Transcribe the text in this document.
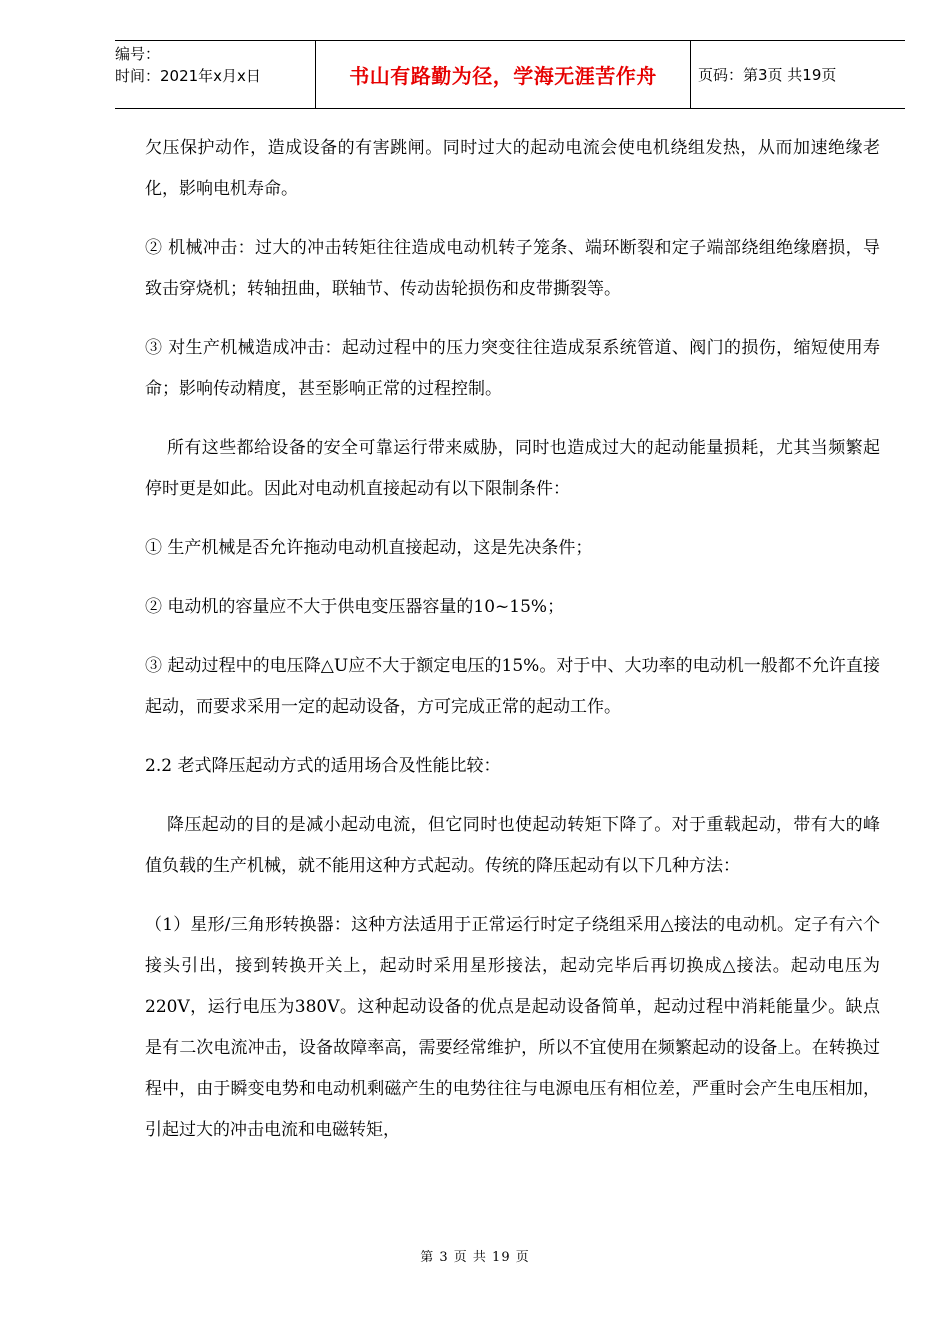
编号：
时间：2021年x月x日	书山有路勤为径，学海无涯苦作舟	页码：第3页 共19页

欠压保护动作，造成设备的有害跳闸。同时过大的起动电流会使电机绕组发热，从而加速绝缘老化，影响电机寿命。

② 机械冲击：过大的冲击转矩往往造成电动机转子笼条、端环断裂和定子端部绕组绝缘磨损，导致击穿烧机；转轴扭曲，联轴节、传动齿轮损伤和皮带撕裂等。

③ 对生产机械造成冲击：起动过程中的压力突变往往造成泵系统管道、阀门的损伤，缩短使用寿命；影响传动精度，甚至影响正常的过程控制。

所有这些都给设备的安全可靠运行带来威胁，同时也造成过大的起动能量损耗，尤其当频繁起停时更是如此。因此对电动机直接起动有以下限制条件：

① 生产机械是否允许拖动电动机直接起动，这是先决条件；

② 电动机的容量应不大于供电变压器容量的10~15%；

③ 起动过程中的电压降△U应不大于额定电压的15%。对于中、大功率的电动机一般都不允许直接起动，而要求采用一定的起动设备，方可完成正常的起动工作。

2.2 老式降压起动方式的适用场合及性能比较：

降压起动的目的是减小起动电流，但它同时也使起动转矩下降了。对于重载起动，带有大的峰值负载的生产机械，就不能用这种方式起动。传统的降压起动有以下几种方法：

（1）星形/三角形转换器：这种方法适用于正常运行时定子绕组采用△接法的电动机。定子有六个接头引出，接到转换开关上，起动时采用星形接法，起动完毕后再切换成△接法。起动电压为220V，运行电压为380V。这种起动设备的优点是起动设备简单，起动过程中消耗能量少。缺点是有二次电流冲击，设备故障率高，需要经常维护，所以不宜使用在频繁起动的设备上。在转换过程中，由于瞬变电势和电动机剩磁产生的电势往往与电源电压有相位差，严重时会产生电压相加，引起过大的冲击电流和电磁转矩，

第 3 页 共 19 页
